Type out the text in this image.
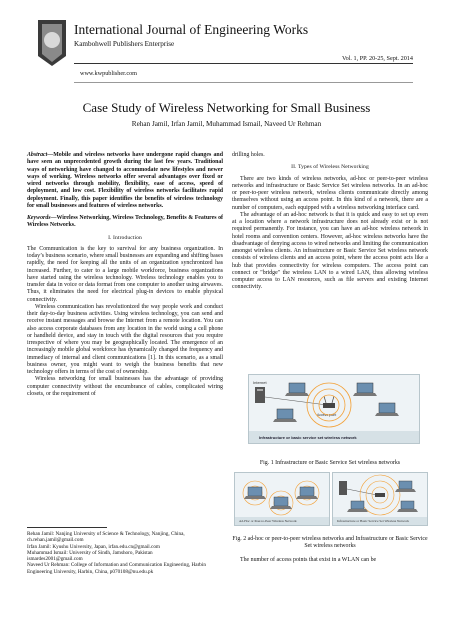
International Journal of Engineering Works
Kambohwell Publishers Enterprise
Vol. 1, PP. 20-25, Sept. 2014
www.kwpublisher.com
Case Study of Wireless Networking for Small Business
Rehan Jamil, Irfan Jamil, Muhammad Ismail, Naveed Ur Rehman

Abstract—Mobile and wireless networks have undergone rapid changes and have seen an unprecedented growth during the last few years. Traditional ways of networking have changed to accommodate new lifestyles and newer ways of working. Wireless networks offer several advantages over fixed or wired networks through mobility, flexibility, ease of access, speed of deployment, and low cost. Flexibility of wireless networks facilitates rapid deployment. Finally, this paper identifies the benefits of wireless technology for small businesses and features of wireless networks.

Keywords—Wireless Networking, Wireless Technology, Benefits & Features of Wireless Networks.

I. Introduction

The Communication is the key to survival for any business organization. In today’s business scenario, where small businesses are expanding and shifting bases rapidly, the need for keeping all the units of an organization synchronized has increased. Further, to cater to a large mobile workforce, business organizations have started using the wireless technology. Wireless technology enables you to transfer data in voice or data format from one computer to another using airwaves. Thus, it eliminates the need for electrical plug-in devices to enable physical connectivity.

Wireless communication has revolutionized the way people work and conduct their day-to-day business activities. Using wireless technology, you can send and receive instant messages and browse the Internet from a remote location. You can also access corporate databases from any location in the world using a cell phone or handheld device, and stay in touch with the digital resources that you require irrespective of where you may be geographically located. The emergence of an increasingly mobile global workforce has dynamically changed the frequency and immediacy of internal and client communications [1]. In this scenario, as a small business owner, you might want to weigh the business benefits that new technology offers in terms of the cost of ownership.

Wireless networking for small businesses has the advantage of providing computer connectivity without the encumbrance of cables, complicated wiring closets, or the requirement of

Rehan Jamil: Nanjing University of Science & Technology, Nanjing, China, ch.rehan.jamil@gmail.com
Irfan Jamil: Kyushu University, Japan, irfan.edu.cn@gmail.com
Muhammad Ismail: University of Sindh, Jamshoro, Pakistan
ismardes2001@gmail.com
Naveed Ur Rehman: College of Information and Communication Engineering, Harbin Engineering University, Harbin, China, p070108@nu.edu.pk

drilling holes.

II. Types of Wireless Networking

There are two kinds of wireless networks, ad-hoc or peer-to-peer wireless networks and infrastructure or Basic Service Set wireless networks. In an ad-hoc or peer-to-peer wireless network, wireless clients communicate directly among themselves without using an access point. In this kind of a network, there are a number of computers, each equipped with a wireless networking interface card.

The advantage of an ad-hoc network is that it is quick and easy to set up even at a location where a network infrastructure does not already exist or is not required permanently. For instance, you can have an ad-hoc wireless network in hotel rooms and convention centers. However, ad-hoc wireless networks have the disadvantage of denying access to wired networks and limiting the communication amongst wireless clients. An infrastructure or Basic Service Set wireless network consists of wireless clients and an access point, where the access point acts like a hub that provides connectivity for wireless computers. The access point can connect or "bridge" the wireless LAN to a wired LAN, thus allowing wireless computer access to LAN resources, such as file servers and existing Internet connectivity.

Internet
Access point
Infrastructure or basic service set wireless network
Fig. 1 Infrastructure or Basic Service Set wireless networks
Ad-Hoc or Peer-to-Peer Wireless Network	Infrastructure or Basic Service Set Wireless Network
Fig. 2 ad-hoc or peer-to-peer wireless networks and Infrastructure or Basic Service Set wireless networks
The number of access points that exist in a WLAN can be
